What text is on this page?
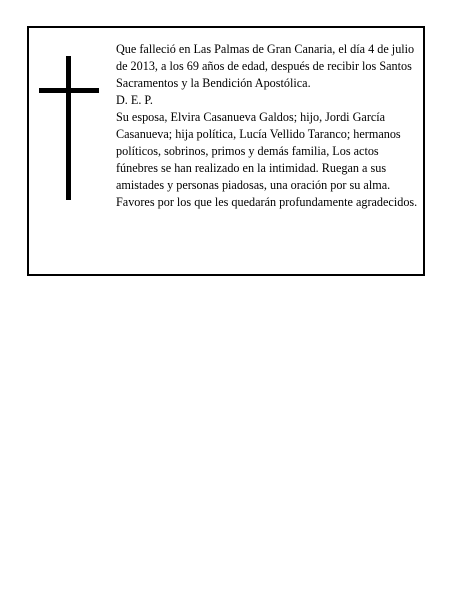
Que falleció en Las Palmas de Gran Canaria, el día 4 de julio de 2013, a los 69 años de edad, después de recibir los Santos Sacramentos y la Bendición Apostólica.

D. E. P.

Su esposa, Elvira Casanueva Galdos; hijo, Jordi García Casanueva; hija política, Lucía Vellido Taranco; hermanos políticos, sobrinos, primos y demás familia, Los actos fúnebres se han realizado en la intimidad. Ruegan a sus amistades y personas piadosas, una oración por su alma. Favores por los que les quedarán profundamente agradecidos.
